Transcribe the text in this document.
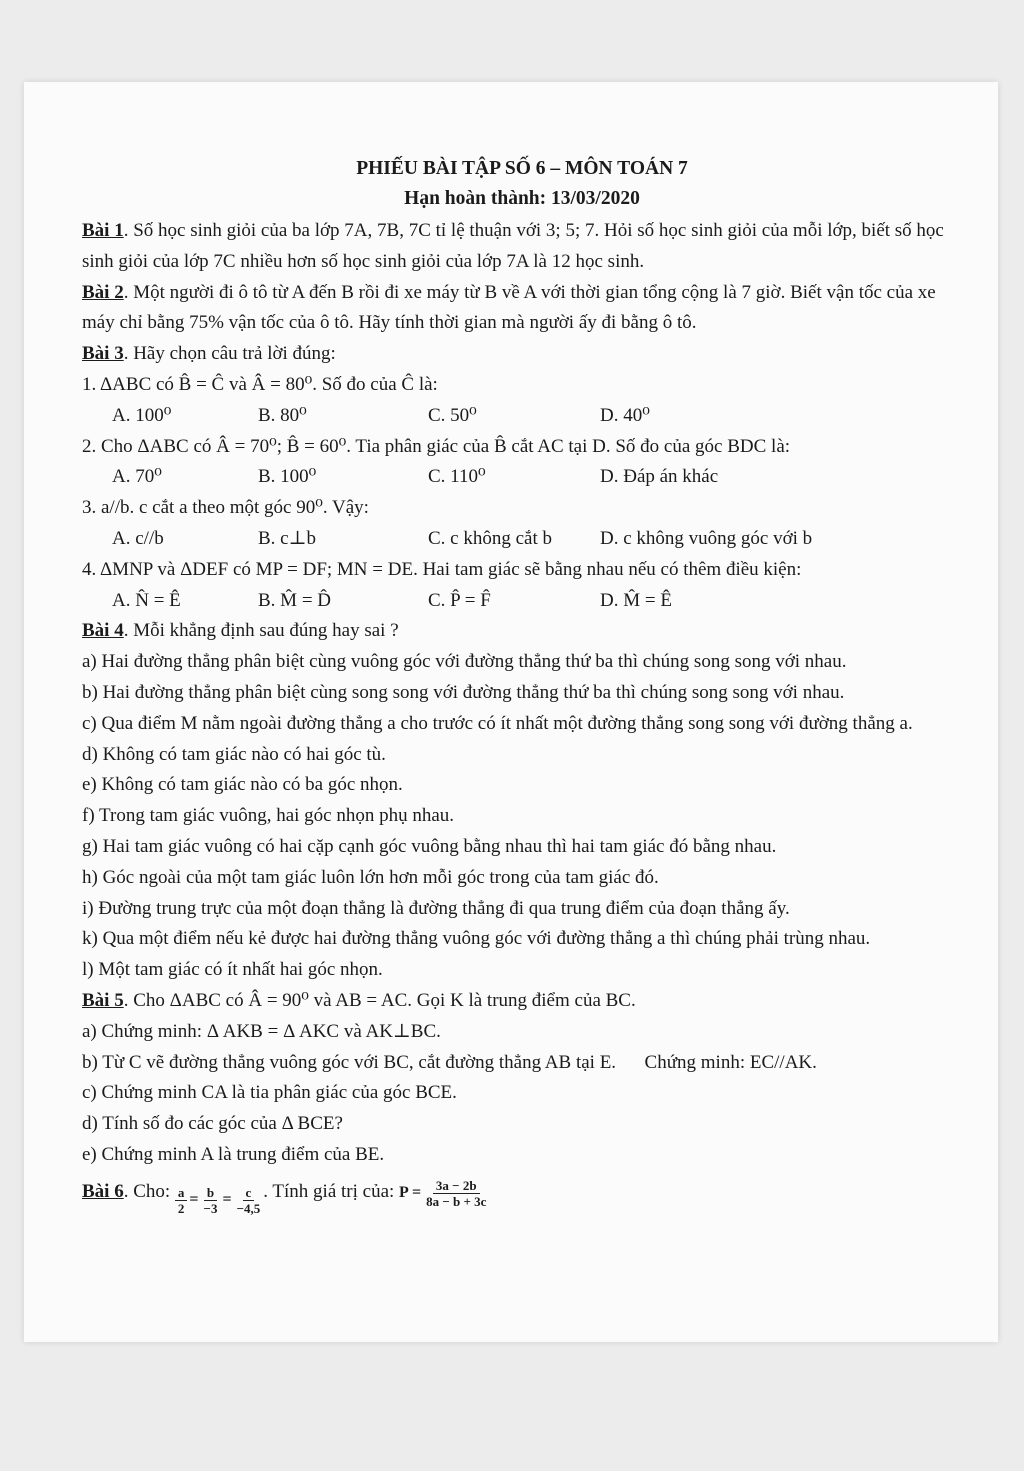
PHIẾU BÀI TẬP SỐ 6 – MÔN TOÁN 7
Hạn hoàn thành: 13/03/2020

Bài 1. Số học sinh giỏi của ba lớp 7A, 7B, 7C tỉ lệ thuận với 3; 5; 7. Hỏi số học sinh giỏi của mỗi lớp, biết số học sinh giỏi của lớp 7C nhiều hơn số học sinh giỏi của lớp 7A là 12 học sinh.

Bài 2. Một người đi ô tô từ A đến B rồi đi xe máy từ B về A với thời gian tổng cộng là 7 giờ. Biết vận tốc của xe máy chỉ bằng 75% vận tốc của ô tô. Hãy tính thời gian mà người ấy đi bằng ô tô.

Bài 3. Hãy chọn câu trả lời đúng:

1. ΔABC có B̂ = Ĉ và Â = 80⁰. Số đo của Ĉ là:

A. 100⁰	B. 80⁰	C. 50⁰	D. 40⁰

2. Cho ΔABC có Â = 70⁰; B̂ = 60⁰. Tia phân giác của B̂ cắt AC tại D. Số đo của góc BDC là:

A. 70⁰	B. 100⁰	C. 110⁰	D. Đáp án khác

3. a//b. c cắt a theo một góc 90⁰. Vậy:

A. c//b	B. c⊥b	C. c không cắt b	D. c không vuông góc với b

4. ΔMNP và ΔDEF có MP = DF; MN = DE. Hai tam giác sẽ bằng nhau nếu có thêm điều kiện:

A. N̂ = Ê	B. M̂ = D̂	C. P̂ = F̂	D. M̂ = Ê

Bài 4. Mỗi khẳng định sau đúng hay sai ?

a) Hai đường thẳng phân biệt cùng vuông góc với đường thẳng thứ ba thì chúng song song với nhau.

b) Hai đường thẳng phân biệt cùng song song với đường thẳng thứ ba thì chúng song song với nhau.

c) Qua điểm M nằm ngoài đường thẳng a cho trước có ít nhất một đường thẳng song song với đường thẳng a.

d) Không có tam giác nào có hai góc tù.

e) Không có tam giác nào có ba góc nhọn.

f) Trong tam giác vuông, hai góc nhọn phụ nhau.

g) Hai tam giác vuông có hai cặp cạnh góc vuông bằng nhau thì hai tam giác đó bằng nhau.

h) Góc ngoài của một tam giác luôn lớn hơn mỗi góc trong của tam giác đó.

i) Đường trung trực của một đoạn thẳng là đường thẳng đi qua trung điểm của đoạn thẳng ấy.

k) Qua một điểm nếu kẻ được hai đường thẳng vuông góc với đường thẳng a thì chúng phải trùng nhau.

l) Một tam giác có ít nhất hai góc nhọn.

Bài 5. Cho ΔABC có Â = 90⁰ và AB = AC. Gọi K là trung điểm của BC.

a) Chứng minh: Δ AKB = Δ AKC và AK⊥BC.

b) Từ C vẽ đường thẳng vuông góc với BC, cắt đường thẳng AB tại E.      Chứng minh: EC//AK.

c) Chứng minh CA là tia phân giác của góc BCE.

d) Tính số đo các góc của Δ BCE?

e) Chứng minh A là trung điểm của BE.

Bài 6. Cho: $\frac{a}{2} = \frac{b}{-3} = \frac{c}{-4,5}$ . Tính giá trị của: $P = \frac{3a - 2b}{8a - b + 3c}$
